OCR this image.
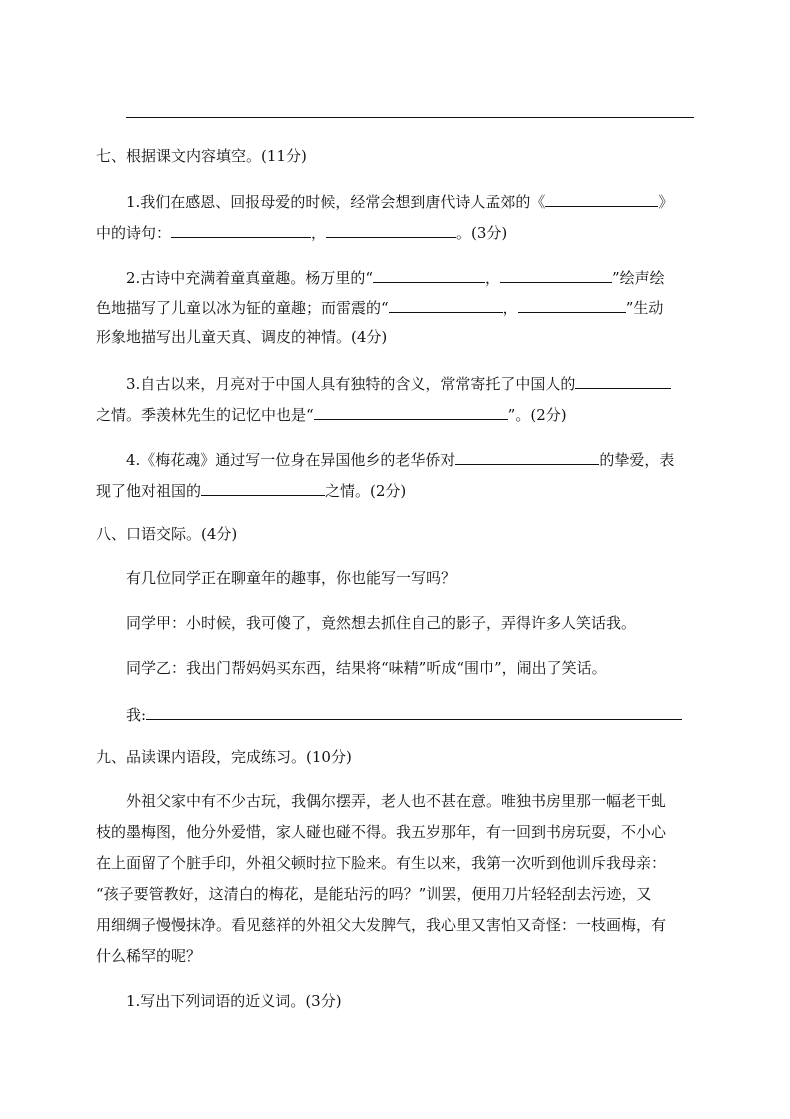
七、根据课文内容填空。(11分)
1.我们在感恩、回报母爱的时候，经常会想到唐代诗人孟郊的《	》
中的诗句：	，	。(3分)
2.古诗中充满着童真童趣。杨万里的“	，	”绘声绘
色地描写了儿童以冰为钲的童趣；而雷震的“	，	”生动
形象地描写出儿童天真、调皮的神情。(4分)
3.自古以来，月亮对于中国人具有独特的含义，常常寄托了中国人的
之情。季羡林先生的记忆中也是“	”。(2分)
4.《梅花魂》通过写一位身在异国他乡的老华侨对	的挚爱，表
现了他对祖国的	之情。(2分)
八、口语交际。(4分)
有几位同学正在聊童年的趣事，你也能写一写吗？
同学甲：小时候，我可傻了，竟然想去抓住自己的影子，弄得许多人笑话我。
同学乙：我出门帮妈妈买东西，结果将“味精”听成“围巾”，闹出了笑话。
我:
九、品读课内语段，完成练习。(10分)
外祖父家中有不少古玩，我偶尔摆弄，老人也不甚在意。唯独书房里那一幅老干虬
枝的墨梅图，他分外爱惜，家人碰也碰不得。我五岁那年，有一回到书房玩耍，不小心
在上面留了个脏手印，外祖父顿时拉下脸来。有生以来，我第一次听到他训斥我母亲：
“孩子要管教好，这清白的梅花，是能玷污的吗？”训罢，便用刀片轻轻刮去污迹，又
用细绸子慢慢抹净。看见慈祥的外祖父大发脾气，我心里又害怕又奇怪：一枝画梅，有
什么稀罕的呢？
1.写出下列词语的近义词。(3分)
